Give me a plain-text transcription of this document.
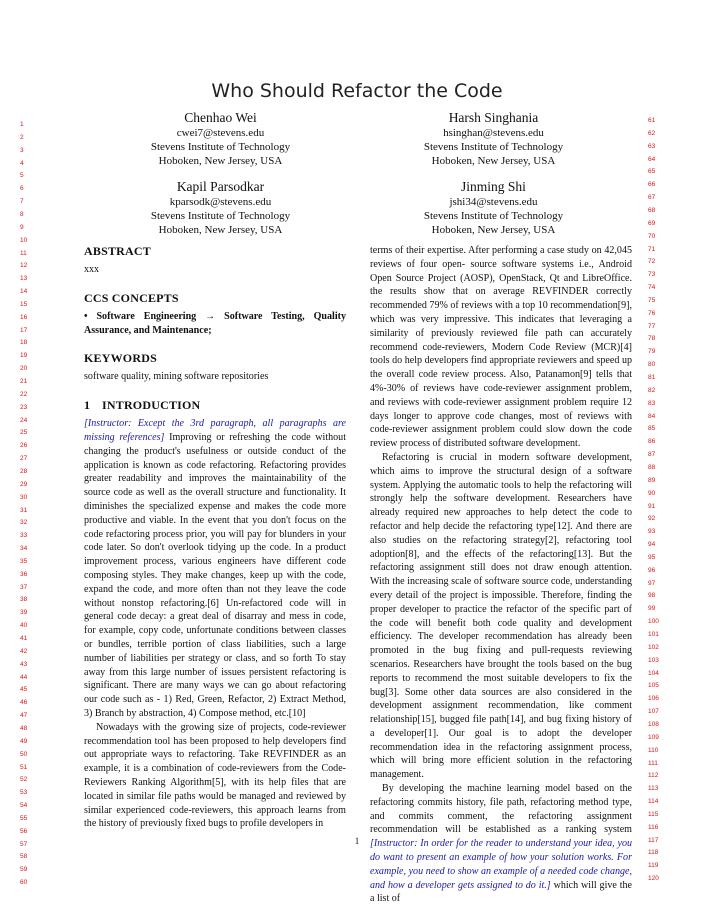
Who Should Refactor the Code
Chenhao Wei
cwei7@stevens.edu
Stevens Institute of Technology
Hoboken, New Jersey, USA
Harsh Singhania
hsinghan@stevens.edu
Stevens Institute of Technology
Hoboken, New Jersey, USA
Kapil Parsodkar
kparsodk@stevens.edu
Stevens Institute of Technology
Hoboken, New Jersey, USA
Jinming Shi
jshi34@stevens.edu
Stevens Institute of Technology
Hoboken, New Jersey, USA
ABSTRACT

xxx

CCS CONCEPTS

• Software Engineering → Software Testing, Quality Assurance, and Maintenance;

KEYWORDS

software quality, mining software repositories

1 INTRODUCTION

[Instructor: Except the 3rd paragraph, all paragraphs are missing references] Improving or refreshing the code without changing the product's usefulness or outside conduct of the application is known as code refactoring. Refactoring provides greater readability and improves the maintainability of the source code as well as the overall structure and functionality. It diminishes the specialized expense and makes the code more productive and viable. In the event that you don't focus on the code refactoring process prior, you will pay for blunders in your code later. So don't overlook tidying up the code. In a product improvement process, various engineers have different code composing styles. They make changes, keep up with the code, expand the code, and more often than not they leave the code without nonstop refactoring.[6] Un-refactored code will in general code decay: a great deal of disarray and mess in code, for example, copy code, unfortunate conditions between classes or bundles, terrible portion of class liabilities, such a large number of liabilities per strategy or class, and so forth To stay away from this large number of issues persistent refactoring is significant. There are many ways we can go about refactoring our code such as - 1) Red, Green, Refactor, 2) Extract Method, 3) Branch by abstraction, 4) Compose method, etc.[10]

Nowadays with the growing size of projects, code-reviewer recommendation tool has been proposed to help developers find out appropriate ways to refactoring. Take REVFINDER as an example, it is a combination of code-reviewers from the Code-Reviewers Ranking Algorithm[5], with its help files that are located in similar file paths would be managed and reviewed by similar experienced code-reviewers, this approach learns from the history of previously fixed bugs to profile developers in

terms of their expertise. After performing a case study on 42,045 reviews of four open- source software systems i.e., Android Open Source Project (AOSP), OpenStack, Qt and LibreOffice. the results show that on average REVFINDER correctly recommended 79% of reviews with a top 10 recommendation[9], which was very impressive. This indicates that leveraging a similarity of previously reviewed file path can accurately recommend code-reviewers, Modern Code Review (MCR)[4] tools do help developers find appropriate reviewers and speed up the overall code review process. Also, Patanamon[9] tells that 4%-30% of reviews have code-reviewer assignment problem, and reviews with code-reviewer assignment problem require 12 days longer to approve code changes, most of reviews with code-reviewer assignment problem could slow down the code review process of distributed software development.

Refactoring is crucial in modern software development, which aims to improve the structural design of a software system. Applying the automatic tools to help the refactoring will strongly help the software development. Researchers have already required new approaches to help detect the code to refactor and help decide the refactoring type[12]. And there are also studies on the refactoring strategy[2], refactoring tool adoption[8], and the effects of the refactoring[13]. But the refactoring assignment still does not draw enough attention. With the increasing scale of software source code, understanding every detail of the project is impossible. Therefore, finding the proper developer to practice the refactor of the specific part of the code will benefit both code quality and development efficiency. The developer recommendation has already been promoted in the bug fixing and pull-requests reviewing scenarios. Researchers have brought the tools based on the bug reports to recommend the most suitable developers to fix the bug[3]. Some other data sources are also considered in the development assignment recommendation, like comment relationship[15], bugged file path[14], and bug fixing history of a developer[1]. Our goal is to adopt the developer recommendation idea in the refactoring assignment process, which will bring more efficient solution in the refactoring management.

By developing the machine learning model based on the refactoring commits history, file path, refactoring method type, and commits comment, the refactoring assignment recommendation will be established as a ranking system [Instructor: In order for the reader to understand your idea, you do want to present an example of how your solution works. For example, you need to show an example of a needed code change, and how a developer gets assigned to do it.] which will give the a list of

1
2
3
4
5
6
7
8
9
10
11
12
13
14
15
16
17
18
19
20
21
22
23
24
25
26
27
28
29
30
31
32
33
34
35
36
37
38
39
40
41
42
43
44
45
46
47
48
49
50
51
52
53
54
55
56
57
58
59
60
61
62
63
64
65
66
67
68
69
70
71
72
73
74
75
76
77
78
79
80
81
82
83
84
85
86
87
88
89
90
91
92
93
94
95
96
97
98
99
100
101
102
103
104
105
106
107
108
109
110
111
112
113
114
115
116
117
118
119
120
1
